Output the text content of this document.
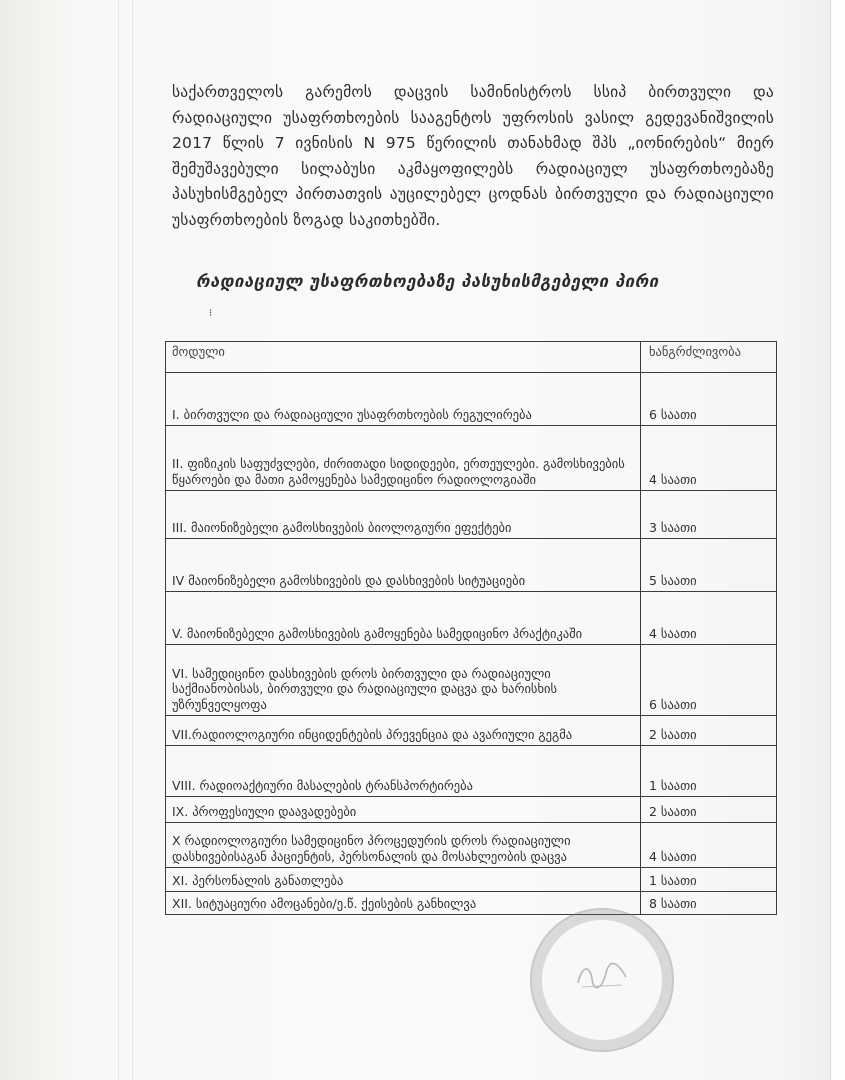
საქართველოს გარემოს დაცვის სამინისტროს სსიპ ბირთვული და რადიაციული უსაფრთხოების სააგენტოს უფროსის ვასილ გედევანიშვილის 2017 წლის 7 ივნისის N 975 წერილის თანახმად შპს „იონირების“ მიერ შემუშავებული სილაბუსი აკმაყოფილებს რადიაციულ უსაფრთხოებაზე პასუხისმგებელ პირთათვის აუცილებელ ცოდნას ბირთვული და რადიაციული უსაფრთხოების ზოგად საკითხებში.

რადიაციულ უსაფრთხოებაზე პასუხისმგებელი პირი
⁝
მოდული	ხანგრძლივობა
I. ბირთვული და რადიაციული უსაფრთხოების რეგულირება	6 საათი
II. ფიზიკის საფუძვლები, ძირითადი სიდიდეები, ერთეულები. გამოსხივების წყაროები და მათი გამოყენება სამედიცინო რადიოლოგიაში	4 საათი
III. მაიონიზებელი გამოსხივების ბიოლოგიური ეფექტები	3 საათი
IV მაიონიზებელი გამოსხივების და დასხივების სიტუაციები	5 საათი
V. მაიონიზებელი გამოსხივების გამოყენება სამედიცინო პრაქტიკაში	4 საათი
VI. სამედიცინო დასხივების დროს ბირთვული და რადიაციული საქმიანობისას, ბირთვული და რადიაციული დაცვა და ხარისხის უზრუნველყოფა	6 საათი
VII.რადიოლოგიური ინციდენტების პრევენცია და ავარიული გეგმა	2 საათი
VIII. რადიოაქტიური მასალების ტრანსპორტირება	1 საათი
IX. პროფესიული დაავადებები	2 საათი
X რადიოლოგიური სამედიცინო პროცედურის დროს რადიაციული დასხივებისაგან პაციენტის, პერსონალის და მოსახლეობის დაცვა	4 საათი
XI. პერსონალის განათლება	1 საათი
XII. სიტუაციური ამოცანები/ე.წ. ქეისების განხილვა	8 საათი
